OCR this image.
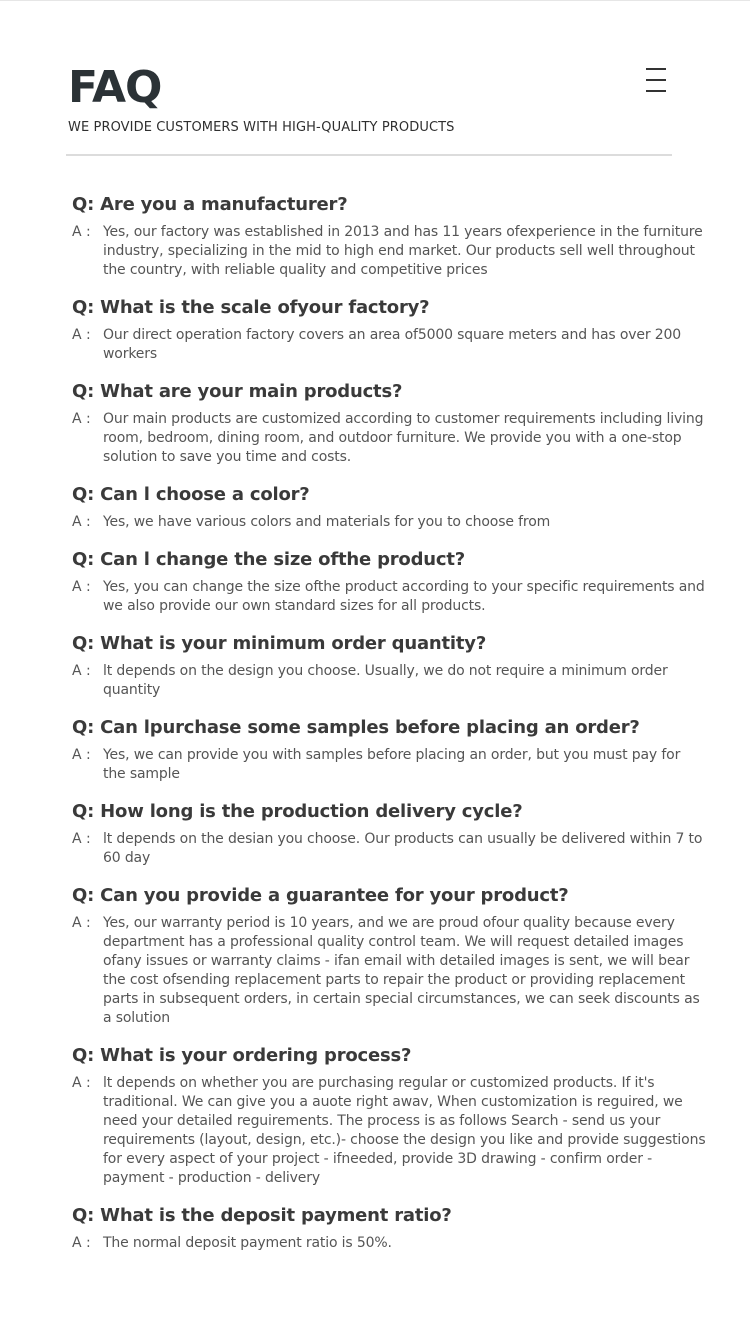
FAQ
WE PROVIDE CUSTOMERS WITH HIGH-QUALITY PRODUCTS
Q: Are you a manufacturer?
A : Yes, our factory was established in 2013 and has 11 years ofexperience in the furniture industry, specializing in the mid to high end market. Our products sell well throughout the country, with reliable quality and competitive prices
Q: What is the scale ofyour factory?
A : Our direct operation factory covers an area of5000 square meters and has over 200 workers
Q: What are your main products?
A : Our main products are customized according to customer requirements including living room, bedroom, dining room, and outdoor furniture. We provide you with a one-stop solution to save you time and costs.
Q: Can l choose a color?
A : Yes, we have various colors and materials for you to choose from
Q: Can l change the size ofthe product?
A : Yes, you can change the size ofthe product according to your specific requirements and we also provide our own standard sizes for all products.
Q: What is your minimum order quantity?
A : lt depends on the design you choose. Usually, we do not require a minimum order quantity
Q: Can lpurchase some samples before placing an order?
A : Yes, we can provide you with samples before placing an order, but you must pay for the sample
Q: How long is the production delivery cycle?
A : lt depends on the desian you choose. Our products can usually be delivered within 7 to 60 day
Q: Can you provide a guarantee for your product?
A : Yes, our warranty period is 10 years, and we are proud ofour quality because every department has a professional quality control team. We will request detailed images ofany issues or warranty claims - ifan email with detailed images is sent, we will bear the cost ofsending replacement parts to repair the product or providing replacement parts in subsequent orders, in certain special circumstances, we can seek discounts as a solution
Q: What is your ordering process?
A : lt depends on whether you are purchasing regular or customized products. If it's traditional. We can give you a auote right awav, When customization is reguired, we need your detailed reguirements. The process is as follows Search - send us your requirements (layout, design, etc.)- choose the design you like and provide suggestions for every aspect of your project - ifneeded, provide 3D drawing - confirm order - payment - production - delivery
Q: What is the deposit payment ratio?
A : The normal deposit payment ratio is 50%.
